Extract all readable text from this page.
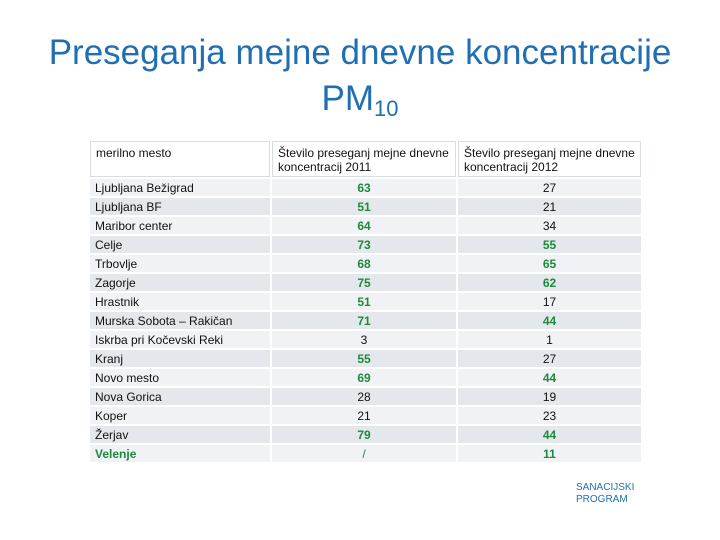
Preseganja mejne dnevne koncentracije
$PM_{10}$
merilno mesto	Število preseganj mejne dnevne koncentracij 2011	Število preseganj mejne dnevne koncentracij 2012
Ljubljana Bežigrad	63	27
Ljubljana BF	51	21
Maribor center	64	34
Celje	73	55
Trbovlje	68	65
Zagorje	75	62
Hrastnik	51	17
Murska Sobota – Rakičan	71	44
Iskrba pri Kočevski Reki	3	1
Kranj	55	27
Novo mesto	69	44
Nova Gorica	28	19
Koper	21	23
Žerjav	79	44
Velenje	/	11
SANACIJSKI
PROGRAM
